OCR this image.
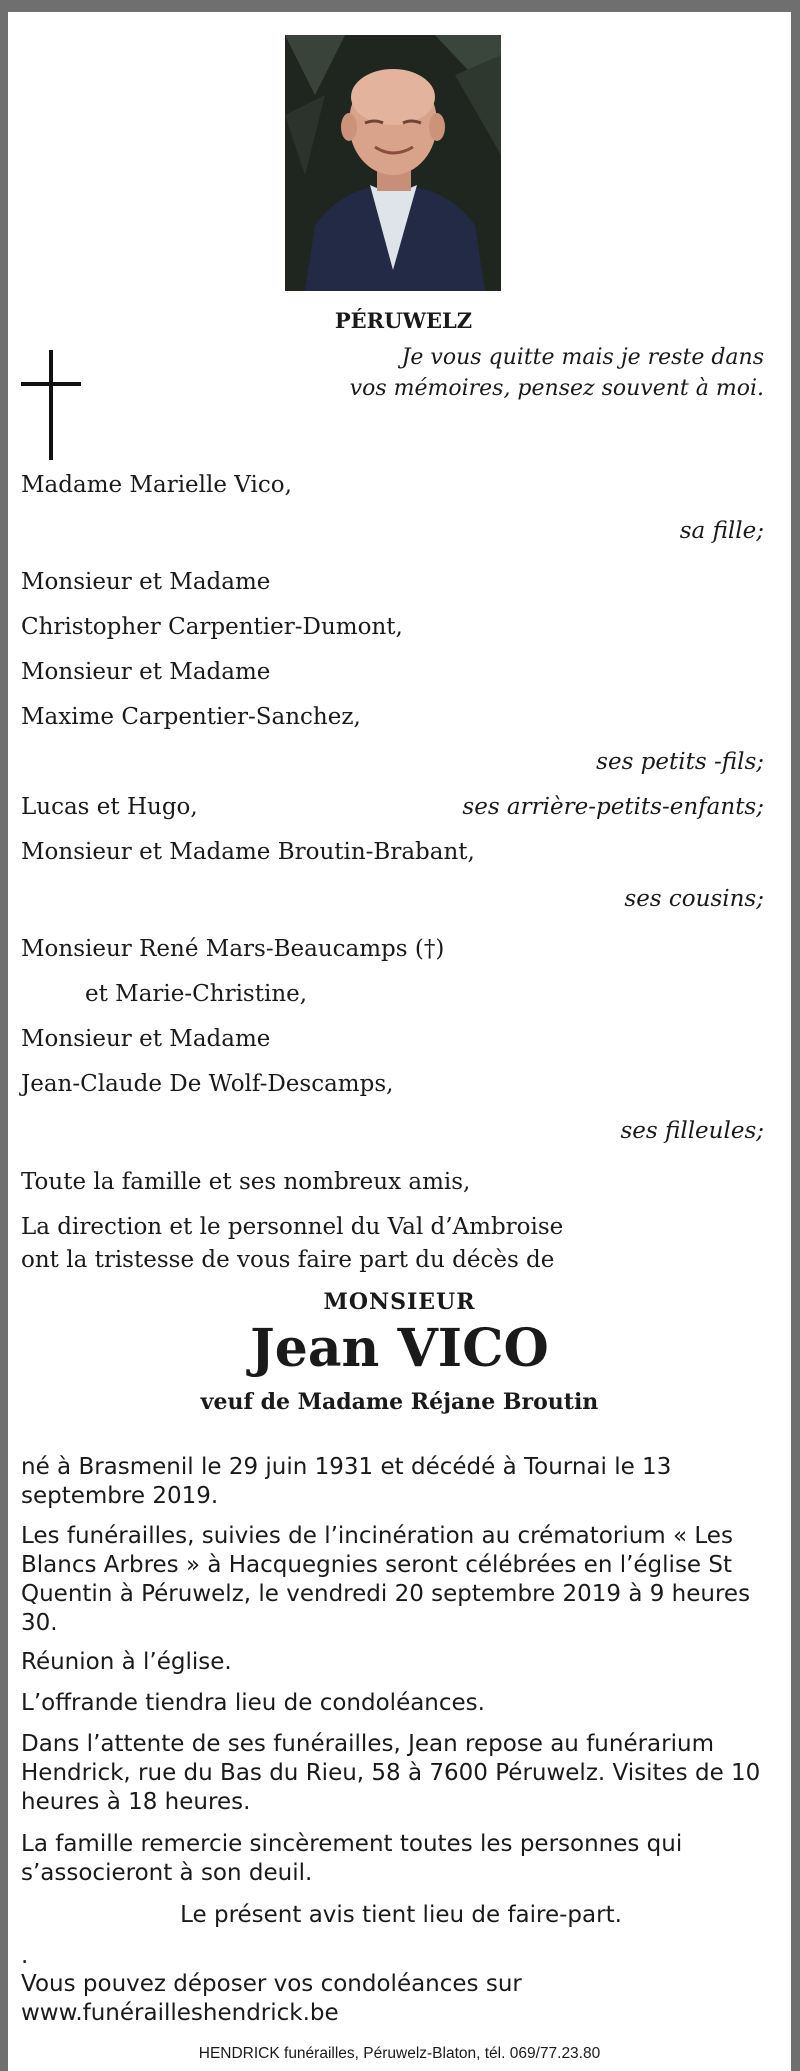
PÉRUWELZ
Je vous quitte mais je reste dans
vos mémoires, pensez souvent à moi.
Madame Marielle Vico,
sa fille;
Monsieur et Madame
Christopher Carpentier-Dumont,
Monsieur et Madame
Maxime Carpentier-Sanchez,
ses petits -fils;
Lucas et Hugo,	ses arrière-petits-enfants;
Monsieur et Madame Broutin-Brabant,
ses cousins;
Monsieur René Mars-Beaucamps (†)
et Marie-Christine,
Monsieur et Madame
Jean-Claude De Wolf-Descamps,
ses filleules;
Toute la famille et ses nombreux amis,
La direction et le personnel du Val d’Ambroise
ont la tristesse de vous faire part du décès de
MONSIEUR
Jean VICO
veuf de Madame Réjane Broutin
né à Brasmenil le 29 juin 1931 et décédé à Tournai le 13 septembre 2019.
Les funérailles, suivies de l’incinération au crématorium « Les Blancs Arbres » à Hacquegnies seront célébrées en l’église St Quentin à Péruwelz, le vendredi 20 septembre 2019 à 9 heures 30.
Réunion à l’église.
L’offrande tiendra lieu de condoléances.
Dans l’attente de ses funérailles, Jean repose au funérarium Hendrick, rue du Bas du Rieu, 58 à 7600 Péruwelz. Visites de 10 heures à 18 heures.
La famille remercie sincèrement toutes les personnes qui s’associeront à son deuil.
Le présent avis tient lieu de faire-part.
.
Vous pouvez déposer vos condoléances sur www.funérailleshendrick.be
HENDRICK funérailles, Péruwelz-Blaton, tél. 069/77.23.80
